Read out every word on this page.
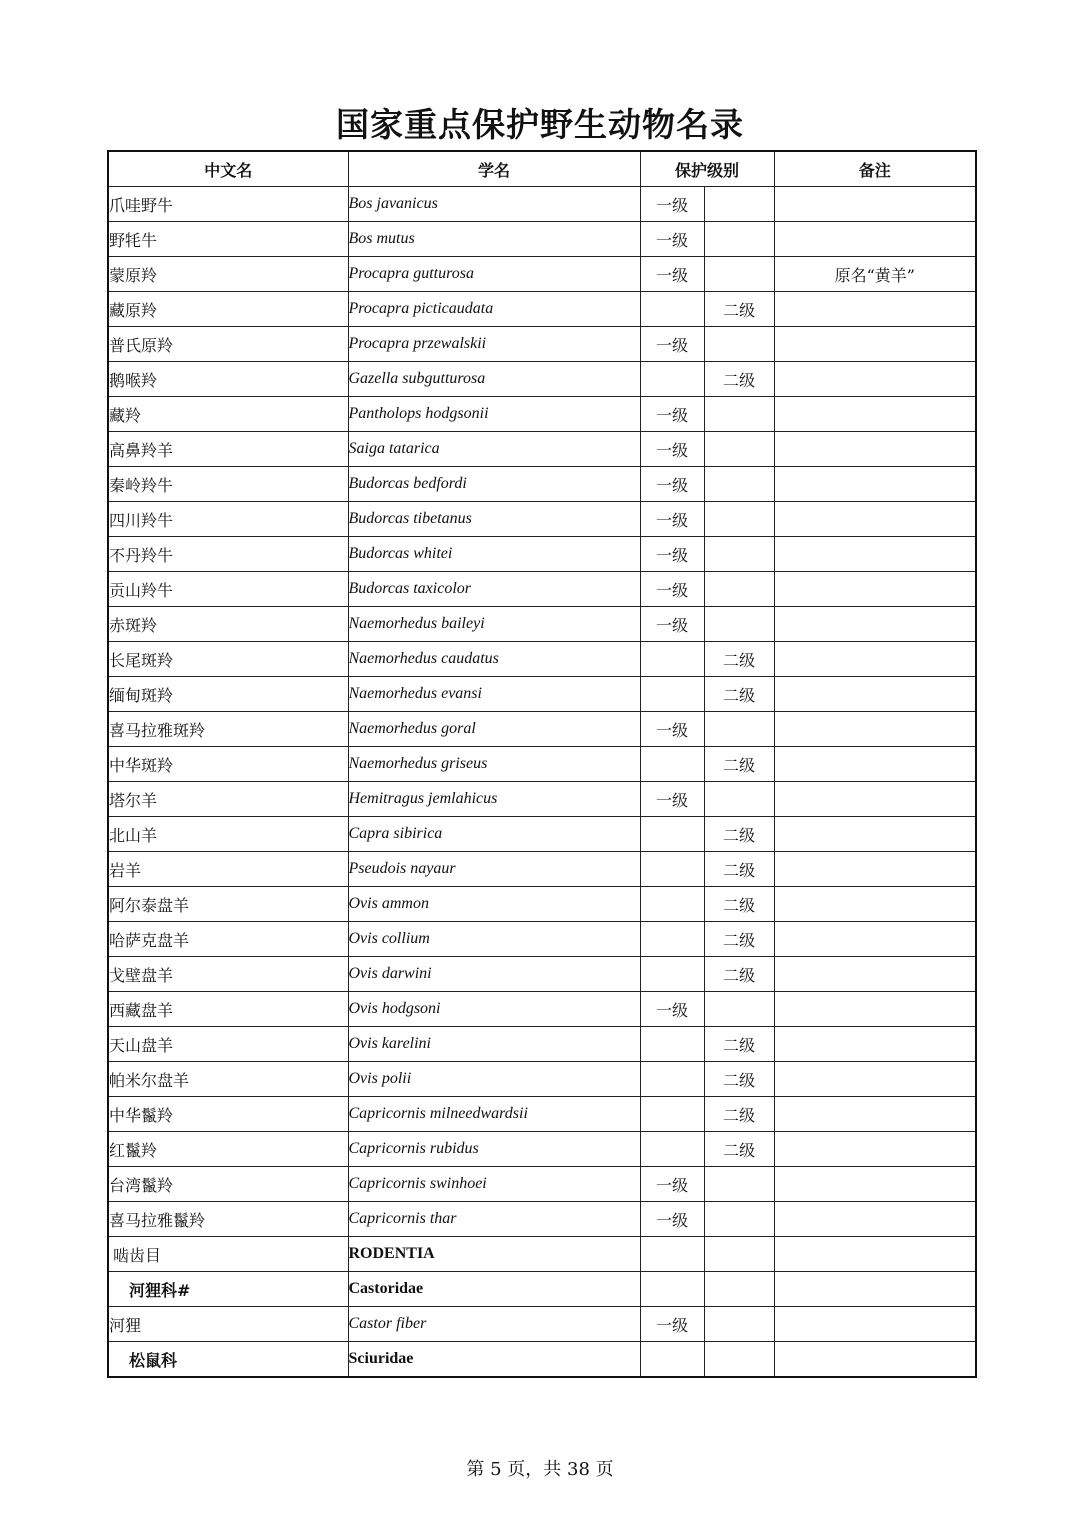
国家重点保护野生动物名录
中文名	学名	保护级别		备注
爪哇野牛	Bos javanicus	一级		
野牦牛	Bos mutus	一级		
蒙原羚	Procapra gutturosa	一级		原名“黄羊”
藏原羚	Procapra picticaudata		二级	
普氏原羚	Procapra przewalskii	一级		
鹅喉羚	Gazella subgutturosa		二级	
藏羚	Pantholops hodgsonii	一级		
高鼻羚羊	Saiga tatarica	一级		
秦岭羚牛	Budorcas bedfordi	一级		
四川羚牛	Budorcas tibetanus	一级		
不丹羚牛	Budorcas whitei	一级		
贡山羚牛	Budorcas taxicolor	一级		
赤斑羚	Naemorhedus baileyi	一级		
长尾斑羚	Naemorhedus caudatus		二级	
缅甸斑羚	Naemorhedus evansi		二级	
喜马拉雅斑羚	Naemorhedus goral	一级		
中华斑羚	Naemorhedus griseus		二级	
塔尔羊	Hemitragus jemlahicus	一级		
北山羊	Capra sibirica		二级	
岩羊	Pseudois nayaur		二级	
阿尔泰盘羊	Ovis ammon		二级	
哈萨克盘羊	Ovis collium		二级	
戈壁盘羊	Ovis darwini		二级	
西藏盘羊	Ovis hodgsoni	一级		
天山盘羊	Ovis karelini		二级	
帕米尔盘羊	Ovis polii		二级	
中华鬣羚	Capricornis milneedwardsii		二级	
红鬣羚	Capricornis rubidus		二级	
台湾鬣羚	Capricornis swinhoei	一级		
喜马拉雅鬣羚	Capricornis thar	一级		
啮齿目	RODENTIA			
河狸科#	Castoridae			
河狸	Castor fiber	一级		
松鼠科	Sciuridae			
第 5 页，共 38 页
